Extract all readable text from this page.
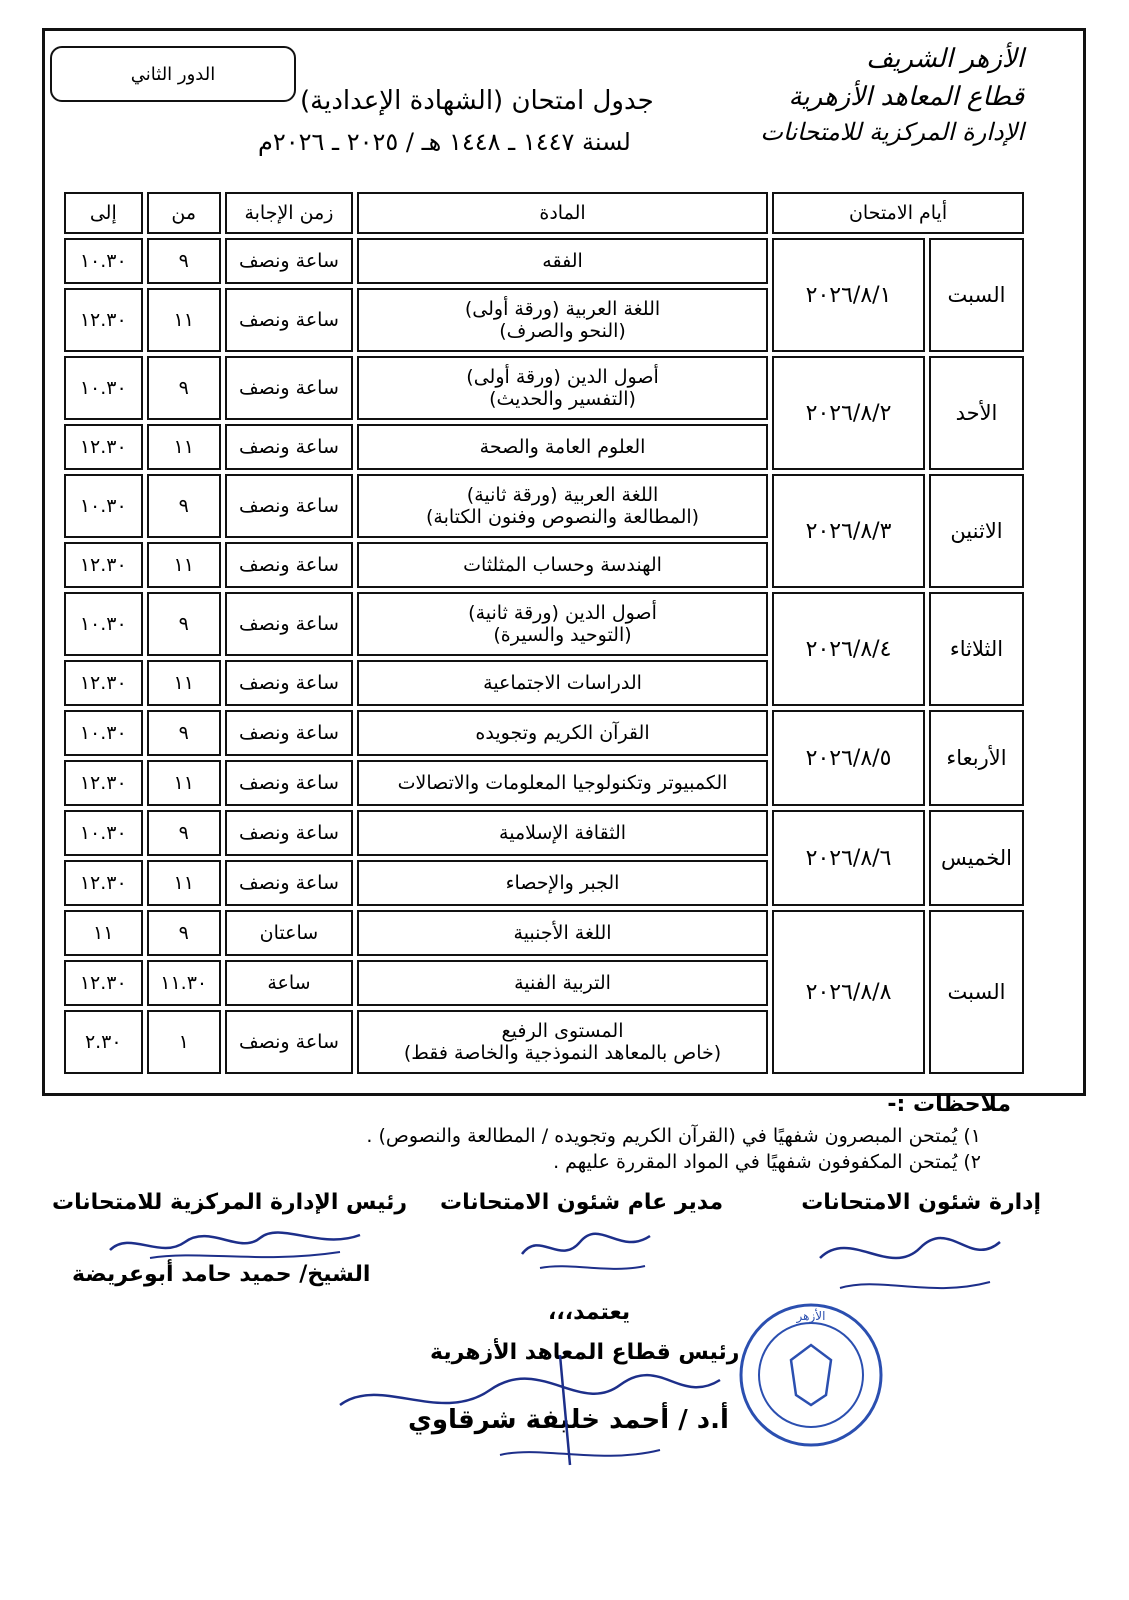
الدور الثاني	الأزهر الشريف
قطاع المعاهد الأزهرية
الإدارة المركزية للامتحانات
جدول امتحان (الشهادة الإعدادية)
لسنة ١٤٤٧ ـ ١٤٤٨ هـ / ٢٠٢٥ ـ ٢٠٢٦م
أيام الامتحان		المادة	زمن الإجابة	من	إلى
السبت	٢٠٢٦/٨/١	الفقه	ساعة ونصف	٩	١٠.٣٠

		اللغة العربية (ورقة أولى)
(النحو والصرف)	ساعة ونصف	١١	١٢.٣٠
الأحد	٢٠٢٦/٨/٢	أصول الدين (ورقة أولى)
(التفسير والحديث)	ساعة ونصف	٩	١٠.٣٠

		العلوم العامة والصحة	ساعة ونصف	١١	١٢.٣٠
الاثنين	٢٠٢٦/٨/٣	اللغة العربية (ورقة ثانية)
(المطالعة والنصوص وفنون الكتابة)	ساعة ونصف	٩	١٠.٣٠

		الهندسة وحساب المثلثات	ساعة ونصف	١١	١٢.٣٠
الثلاثاء	٢٠٢٦/٨/٤	أصول الدين (ورقة ثانية)
(التوحيد والسيرة)	ساعة ونصف	٩	١٠.٣٠

		الدراسات الاجتماعية	ساعة ونصف	١١	١٢.٣٠
الأربعاء	٢٠٢٦/٨/٥	القرآن الكريم وتجويده	ساعة ونصف	٩	١٠.٣٠

		الكمبيوتر وتكنولوجيا المعلومات والاتصالات	ساعة ونصف	١١	١٢.٣٠
الخميس	٢٠٢٦/٨/٦	الثقافة الإسلامية	ساعة ونصف	٩	١٠.٣٠

		الجبر والإحصاء	ساعة ونصف	١١	١٢.٣٠
السبت	٢٠٢٦/٨/٨	اللغة الأجنبية	ساعتان	٩	١١

		التربية الفنية	ساعة	١١.٣٠	١٢.٣٠

		المستوى الرفيع
(خاص بالمعاهد النموذجية والخاصة فقط)	ساعة ونصف	١	٢.٣٠
ملاحظات :-
١) يُمتحن المبصرون شفهيًا في (القرآن الكريم وتجويده / المطالعة والنصوص) .
٢) يُمتحن المكفوفون شفهيًا في المواد المقررة عليهم .
إدارة شئون الامتحانات
مدير عام شئون الامتحانات
رئيس الإدارة المركزية للامتحانات
الشيخ/ حميد حامد أبوعريضة
يعتمد،،،
رئيس قطاع المعاهد الأزهرية
أ.د / أحمد خليفة شرقاوي
الأزهر
